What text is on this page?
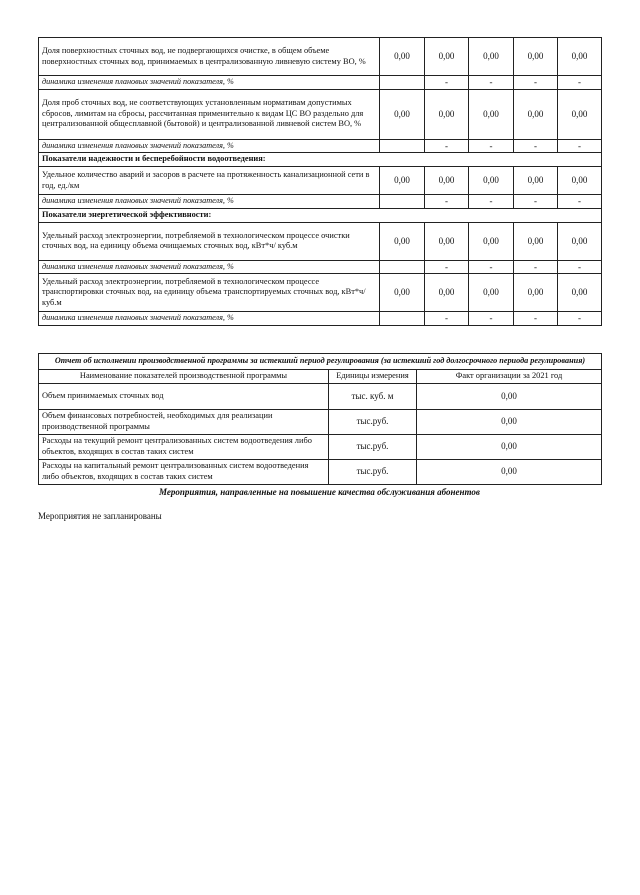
Доля поверхностных сточных вод, не подвергающихся очистке, в общем объеме поверхностных сточных вод, принимаемых в централизованную ливневую систему ВО, %	0,00	0,00	0,00	0,00	0,00
динамика изменения плановых значений показателя, %		-	-	-	-
Доля проб сточных вод, не соответствующих установленным нормативам допустимых сбросов, лимитам на сбросы, рассчитанная применительно к видам ЦС ВО раздельно для централизованной общесплавной (бытовой) и централизованной ливневой систем ВО, %	0,00	0,00	0,00	0,00	0,00
динамика изменения плановых значений показателя, %		-	-	-	-
Показатели надежности и бесперебойности водоотведения:					
Удельное количество аварий и засоров в расчете на протяженность канализационной сети в год, ед./км	0,00	0,00	0,00	0,00	0,00
динамика изменения плановых значений показателя, %		-	-	-	-
Показатели энергетической эффективности:					
Удельный расход электроэнергии, потребляемой в технологическом процессе очистки сточных вод, на единицу объема очищаемых сточных вод, кВт*ч/ куб.м	0,00	0,00	0,00	0,00	0,00
динамика изменения плановых значений показателя, %		-	-	-	-
Удельный расход электроэнергии, потребляемой в технологическом процессе транспортировки сточных вод, на единицу объема транспортируемых сточных вод, кВт*ч/ куб.м	0,00	0,00	0,00	0,00	0,00
динамика изменения плановых значений показателя, %		-	-	-	-
Отчет об исполнении производственной программы за истекший период регулирования (за истекший год долгосрочного периода регулирования)		
Наименование показателей производственной программы	Единицы измерения	Факт организации за 2021 год
Объем принимаемых сточных вод	тыс. куб. м	0,00
Объем финансовых потребностей, необходимых для реализации производственной программы	тыс.руб.	0,00
Расходы на текущий ремонт централизованных систем водоотведения либо объектов, входящих в состав таких систем	тыс.руб.	0,00
Расходы на капитальный ремонт централизованных систем водоотведения либо объектов, входящих в состав таких систем	тыс.руб.	0,00
Мероприятия, направленные на повышение качества обслуживания абонентов
Мероприятия не запланированы
